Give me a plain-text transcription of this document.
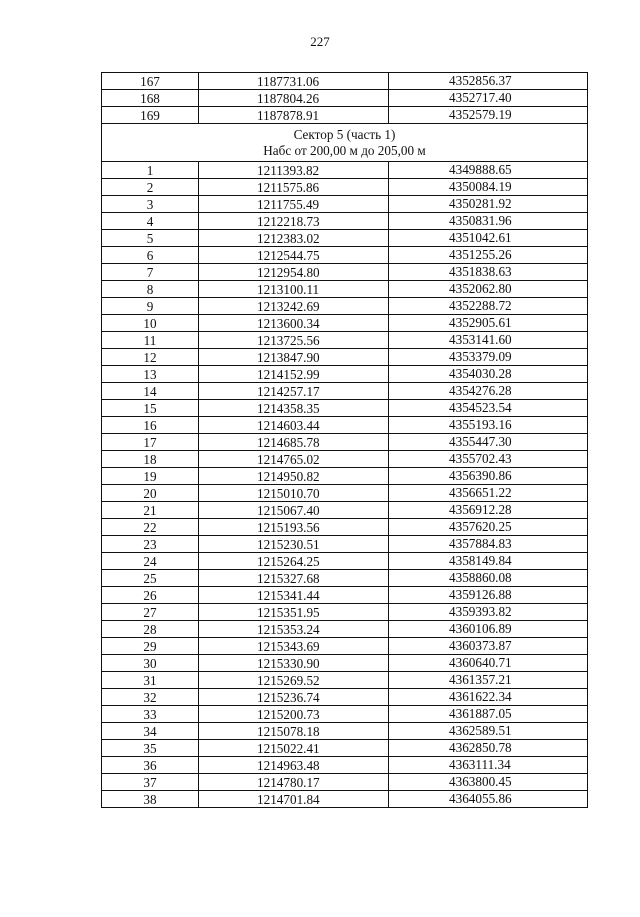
227
167	1187731.06	4352856.37
168	1187804.26	4352717.40
169	1187878.91	4352579.19

Сектор 5 (часть 1)
Набс от 200,00 м до 205,00 м		

1	1211393.82	4349888.65
2	1211575.86	4350084.19
3	1211755.49	4350281.92
4	1212218.73	4350831.96
5	1212383.02	4351042.61
6	1212544.75	4351255.26
7	1212954.80	4351838.63
8	1213100.11	4352062.80
9	1213242.69	4352288.72
10	1213600.34	4352905.61
11	1213725.56	4353141.60
12	1213847.90	4353379.09
13	1214152.99	4354030.28
14	1214257.17	4354276.28
15	1214358.35	4354523.54
16	1214603.44	4355193.16
17	1214685.78	4355447.30
18	1214765.02	4355702.43
19	1214950.82	4356390.86
20	1215010.70	4356651.22
21	1215067.40	4356912.28
22	1215193.56	4357620.25
23	1215230.51	4357884.83
24	1215264.25	4358149.84
25	1215327.68	4358860.08
26	1215341.44	4359126.88
27	1215351.95	4359393.82
28	1215353.24	4360106.89
29	1215343.69	4360373.87
30	1215330.90	4360640.71
31	1215269.52	4361357.21
32	1215236.74	4361622.34
33	1215200.73	4361887.05
34	1215078.18	4362589.51
35	1215022.41	4362850.78
36	1214963.48	4363111.34
37	1214780.17	4363800.45
38	1214701.84	4364055.86
